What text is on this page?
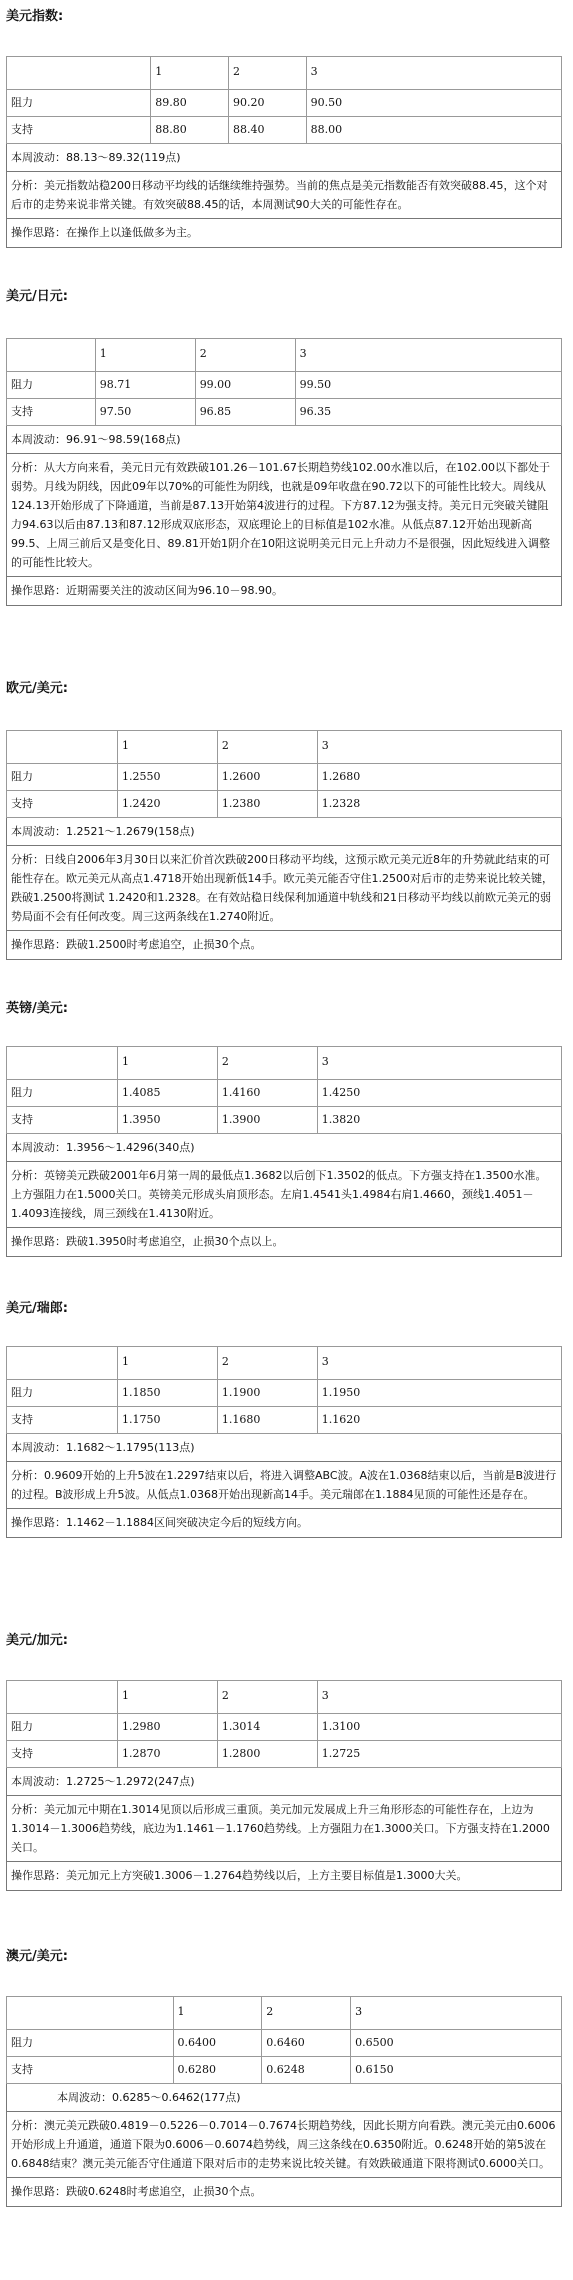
美元指数:
	1	2	3
阻力	89.80	90.20	90.50
支持	88.80	88.40	88.00
本周波动：88.13～89.32(119点)
分析：美元指数站稳200日移动平均线的话继续维持强势。当前的焦点是美元指数能否有效突破88.45，这个对后市的走势来说非常关键。有效突破88.45的话，本周测试90大关的可能性存在。
操作思路：在操作上以逢低做多为主。
美元/日元:
	1	2	3
阻力	98.71	99.00	99.50
支持	97.50	96.85	96.35
本周波动：96.91～98.59(168点)
分析：从大方向来看，美元日元有效跌破101.26－101.67长期趋势线102.00水准以后，在102.00以下都处于弱势。月线为阴线，因此09年以70%的可能性为阴线，也就是09年收盘在90.72以下的可能性比较大。周线从124.13开始形成了下降通道，当前是87.13开始第4波进行的过程。下方87.12为强支持。美元日元突破关键阻力94.63以后由87.13和87.12形成双底形态，双底理论上的目标值是102水准。从低点87.12开始出现新高99.5、上周三前后又是变化日、89.81开始1阴介在10阳这说明美元日元上升动力不是很强，因此短线进入调整的可能性比较大。
操作思路：近期需要关注的波动区间为96.10－98.90。
欧元/美元:
	1	2	3
阻力	1.2550	1.2600	1.2680
支持	1.2420	1.2380	1.2328
本周波动：1.2521～1.2679(158点)
分析：日线自2006年3月30日以来汇价首次跌破200日移动平均线，这预示欧元美元近8年的升势就此结束的可能性存在。欧元美元从高点1.4718开始出现新低14手。欧元美元能否守住1.2500对后市的走势来说比较关键，跌破1.2500将测试 1.2420和1.2328。在有效站稳日线保利加通道中轨线和21日移动平均线以前欧元美元的弱势局面不会有任何改变。周三这两条线在1.2740附近。
操作思路：跌破1.2500时考虑追空，止损30个点。
英镑/美元:
	1	2	3
阻力	1.4085	1.4160	1.4250
支持	1.3950	1.3900	1.3820
本周波动：1.3956～1.4296(340点)
分析：英镑美元跌破2001年6月第一周的最低点1.3682以后创下1.3502的低点。下方强支持在1.3500水准。上方强阻力在1.5000关口。英镑美元形成头肩顶形态。左肩1.4541头1.4984右肩1.4660，颈线1.4051－1.4093连接线，周三颈线在1.4130附近。
操作思路：跌破1.3950时考虑追空，止损30个点以上。
美元/瑞郎:
	1	2	3
阻力	1.1850	1.1900	1.1950
支持	1.1750	1.1680	1.1620
本周波动：1.1682～1.1795(113点)
分析：0.9609开始的上升5波在1.2297结束以后，将进入调整ABC波。A波在1.0368结束以后，当前是B波进行的过程。B波形成上升5波。从低点1.0368开始出现新高14手。美元瑞郎在1.1884见顶的可能性还是存在。
操作思路：1.1462－1.1884区间突破决定今后的短线方向。
美元/加元:
	1	2	3
阻力	1.2980	1.3014	1.3100
支持	1.2870	1.2800	1.2725
本周波动：1.2725～1.2972(247点)
分析：美元加元中期在1.3014见顶以后形成三重顶。美元加元发展成上升三角形形态的可能性存在，上边为1.3014－1.3006趋势线，底边为1.1461－1.1760趋势线。上方强阻力在1.3000关口。下方强支持在1.2000关口。
操作思路：美元加元上方突破1.3006－1.2764趋势线以后，上方主要目标值是1.3000大关。
澳元/美元:
	1	2	3
阻力	0.6400	0.6460	0.6500
支持	0.6280	0.6248	0.6150
本周波动：0.6285～0.6462(177点)
分析：澳元美元跌破0.4819－0.5226－0.7014－0.7674长期趋势线，因此长期方向看跌。澳元美元由0.6006开始形成上升通道，通道下限为0.6006－0.6074趋势线，周三这条线在0.6350附近。0.6248开始的第5波在0.6848结束？澳元美元能否守住通道下限对后市的走势来说比较关键。有效跌破通道下限将测试0.6000关口。
操作思路：跌破0.6248时考虑追空，止损30个点。
